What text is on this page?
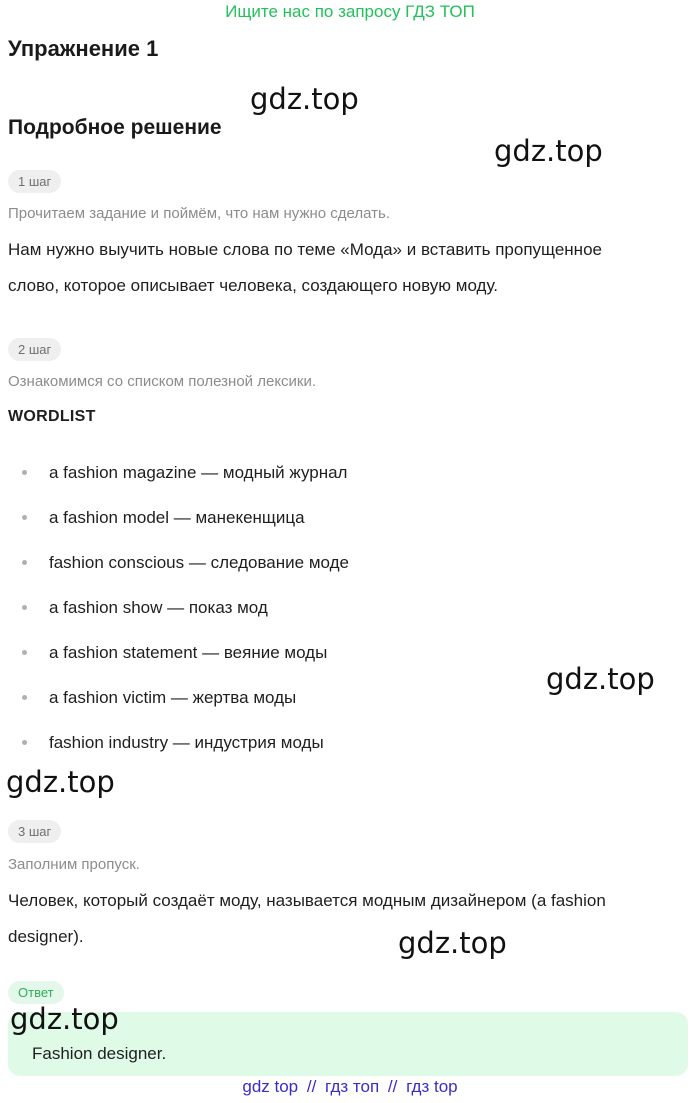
Ищите нас по запросу ГДЗ ТОП
Упражнение 1
Подробное решение
1 шаг
Прочитаем задание и поймём, что нам нужно сделать.
Нам нужно выучить новые слова по теме «Мода» и вставить пропущенное
слово, которое описывает человека, создающего новую моду.
2 шаг
Ознакомимся со списком полезной лексики.
WORDLIST
a fashion magazine — модный журнал
a fashion model — манекенщица
fashion conscious — следование моде
a fashion show — показ мод
a fashion statement — веяние моды
a fashion victim — жертва моды
fashion industry — индустрия моды
3 шаг
Заполним пропуск.
Человек, который создаёт моду, называется модным дизайнером (a fashion
designer).
Ответ
Fashion designer.
gdz.top
gdz.top
gdz.top
gdz.top
gdz.top
gdz.top
gdz top // гдз топ // гдз top
